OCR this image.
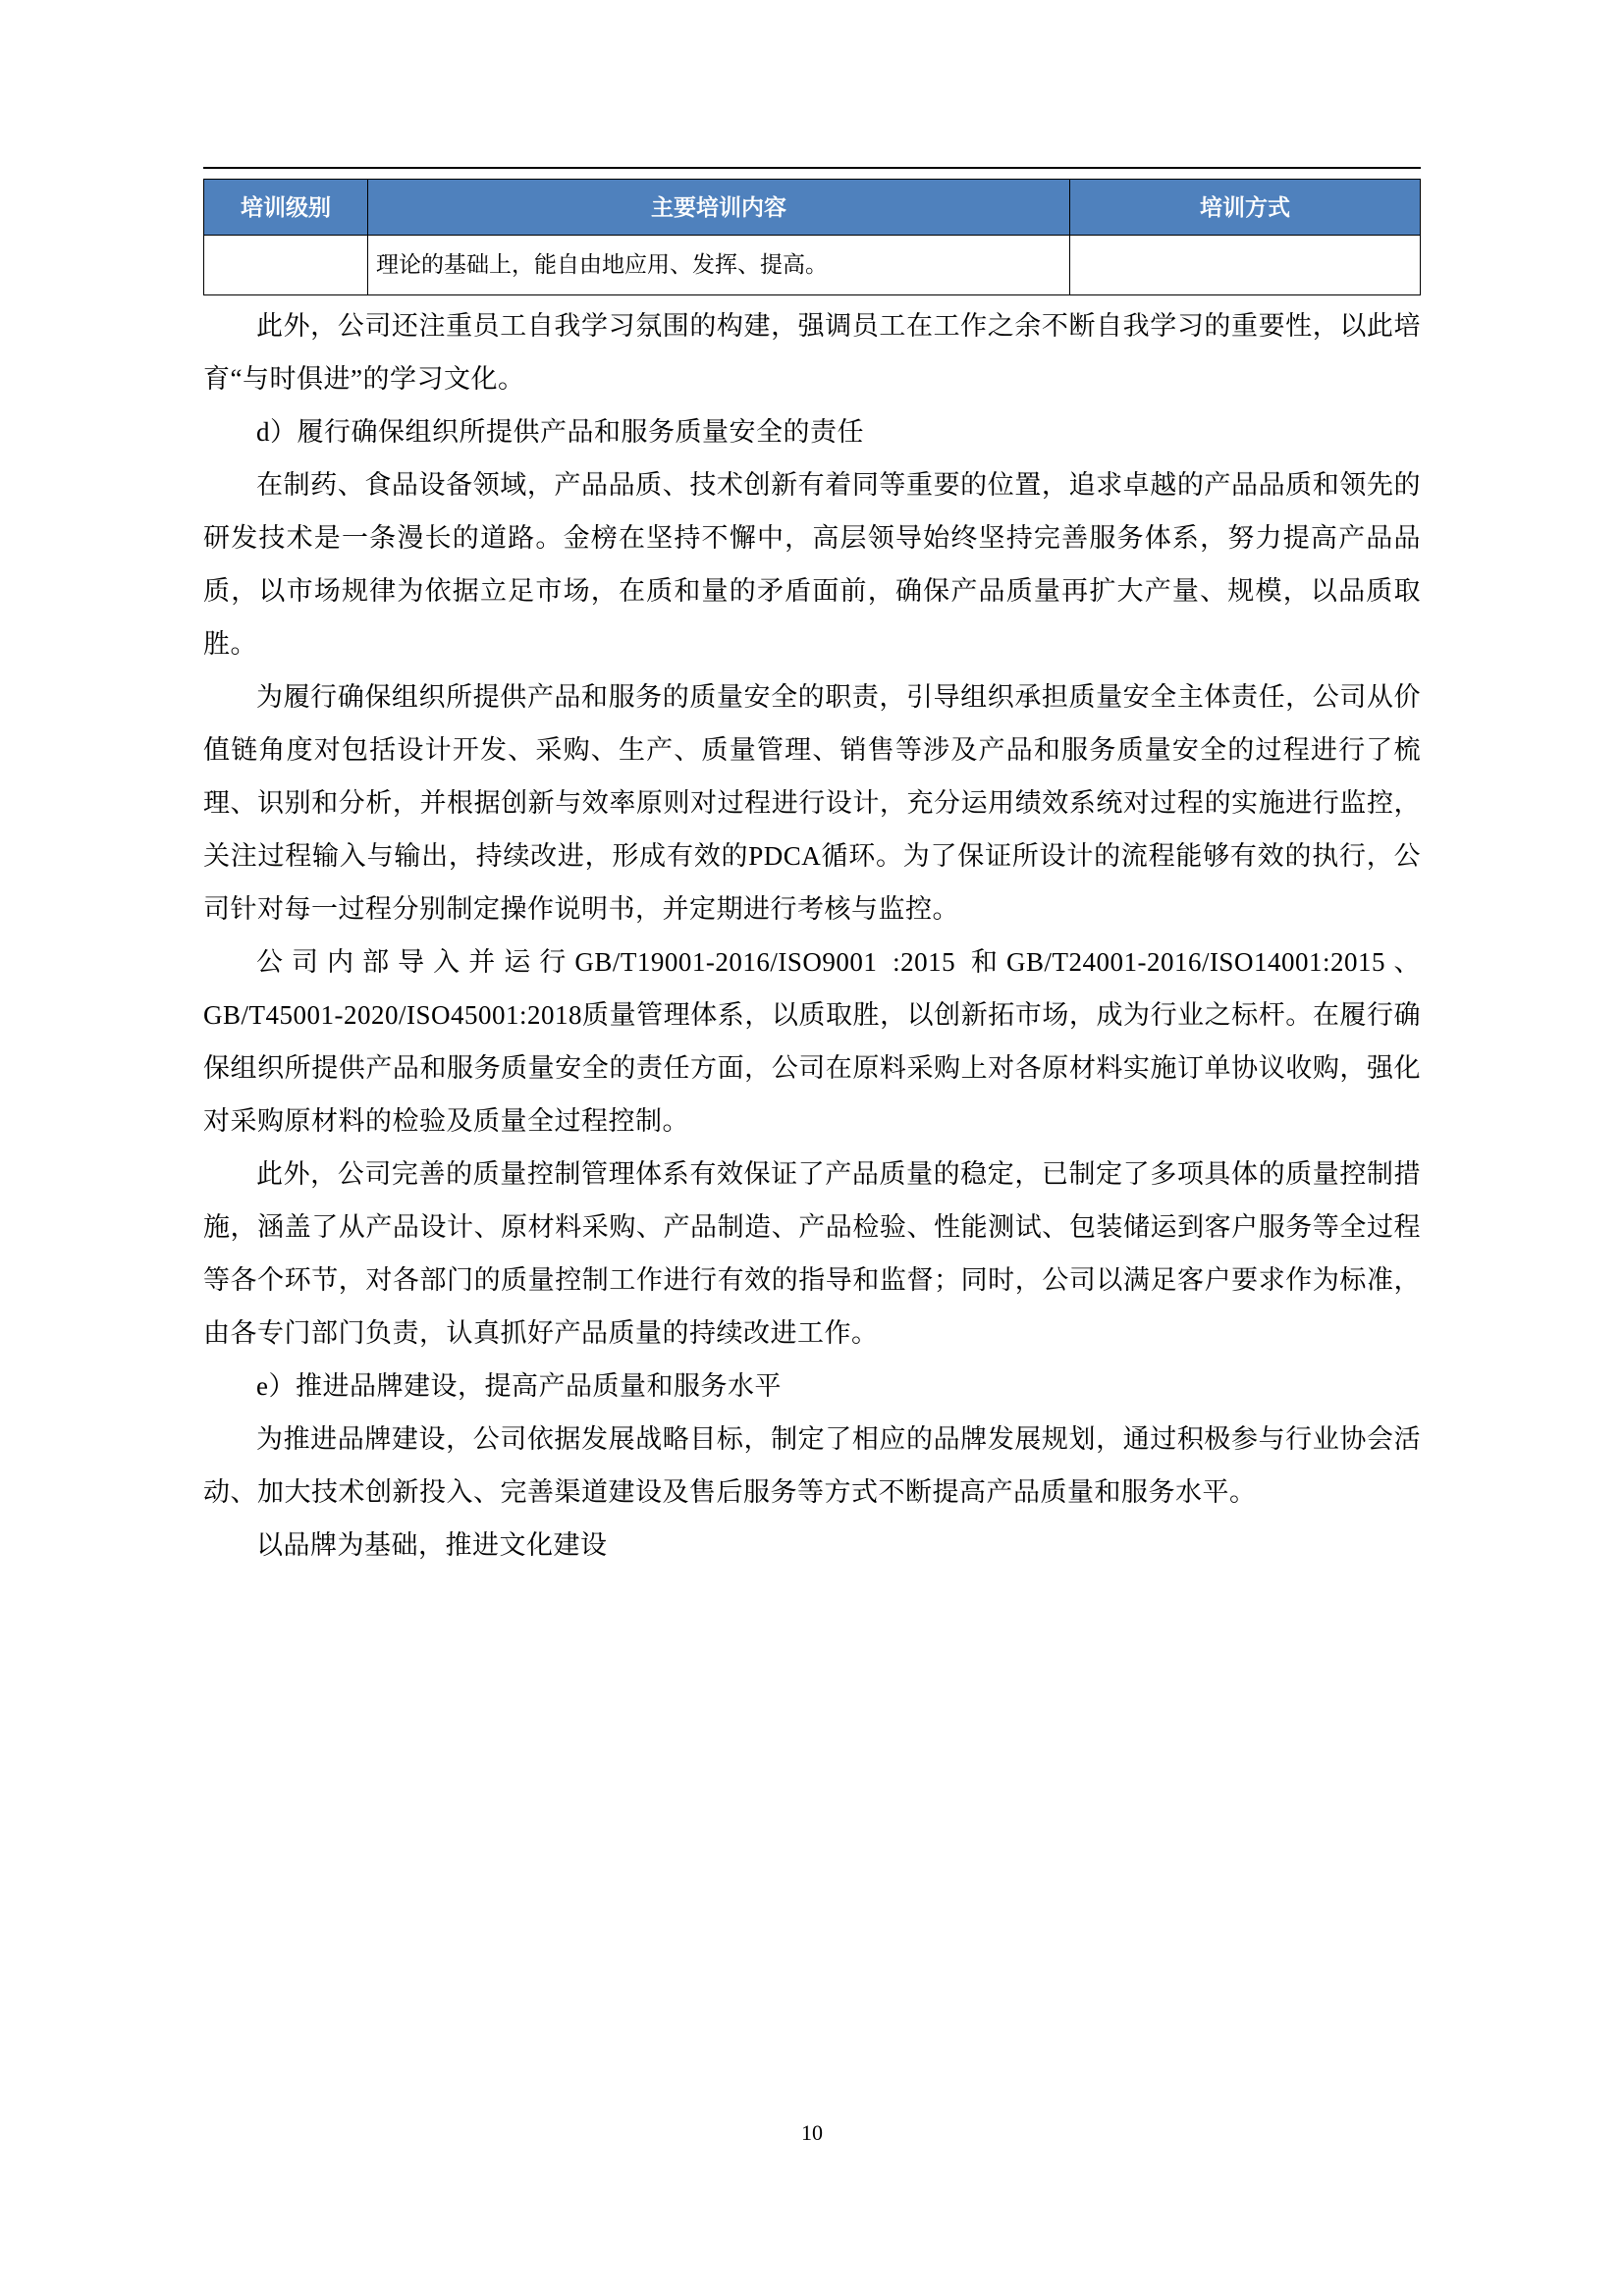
培训级别	主要培训内容	培训方式
	理论的基础上，能自由地应用、发挥、提高。	

此外，公司还注重员工自我学习氛围的构建，强调员工在工作之余不断自我学习的重要性，以此培育“与时俱进”的学习文化。

d）履行确保组织所提供产品和服务质量安全的责任

在制药、食品设备领域，产品品质、技术创新有着同等重要的位置，追求卓越的产品品质和领先的研发技术是一条漫长的道路。金榜在坚持不懈中，高层领导始终坚持完善服务体系，努力提高产品品质，以市场规律为依据立足市场，在质和量的矛盾面前，确保产品质量再扩大产量、规模，以品质取胜。

为履行确保组织所提供产品和服务的质量安全的职责，引导组织承担质量安全主体责任，公司从价值链角度对包括设计开发、采购、生产、质量管理、销售等涉及产品和服务质量安全的过程进行了梳理、识别和分析，并根据创新与效率原则对过程进行设计，充分运用绩效系统对过程的实施进行监控，关注过程输入与输出，持续改进，形成有效的PDCA循环。为了保证所设计的流程能够有效的执行，公司针对每一过程分别制定操作说明书，并定期进行考核与监控。

公司内部导入并运行GB/T19001-2016/ISO9001 :2015 和GB/T24001-2016/ISO14001:2015、GB/T45001-2020/ISO45001:2018质量管理体系，以质取胜，以创新拓市场，成为行业之标杆。在履行确保组织所提供产品和服务质量安全的责任方面，公司在原料采购上对各原材料实施订单协议收购，强化对采购原材料的检验及质量全过程控制。

此外，公司完善的质量控制管理体系有效保证了产品质量的稳定，已制定了多项具体的质量控制措施，涵盖了从产品设计、原材料采购、产品制造、产品检验、性能测试、包装储运到客户服务等全过程等各个环节，对各部门的质量控制工作进行有效的指导和监督；同时，公司以满足客户要求作为标准，由各专门部门负责，认真抓好产品质量的持续改进工作。

e）推进品牌建设，提高产品质量和服务水平

为推进品牌建设，公司依据发展战略目标，制定了相应的品牌发展规划，通过积极参与行业协会活动、加大技术创新投入、完善渠道建设及售后服务等方式不断提高产品质量和服务水平。

以品牌为基础，推进文化建设

10
